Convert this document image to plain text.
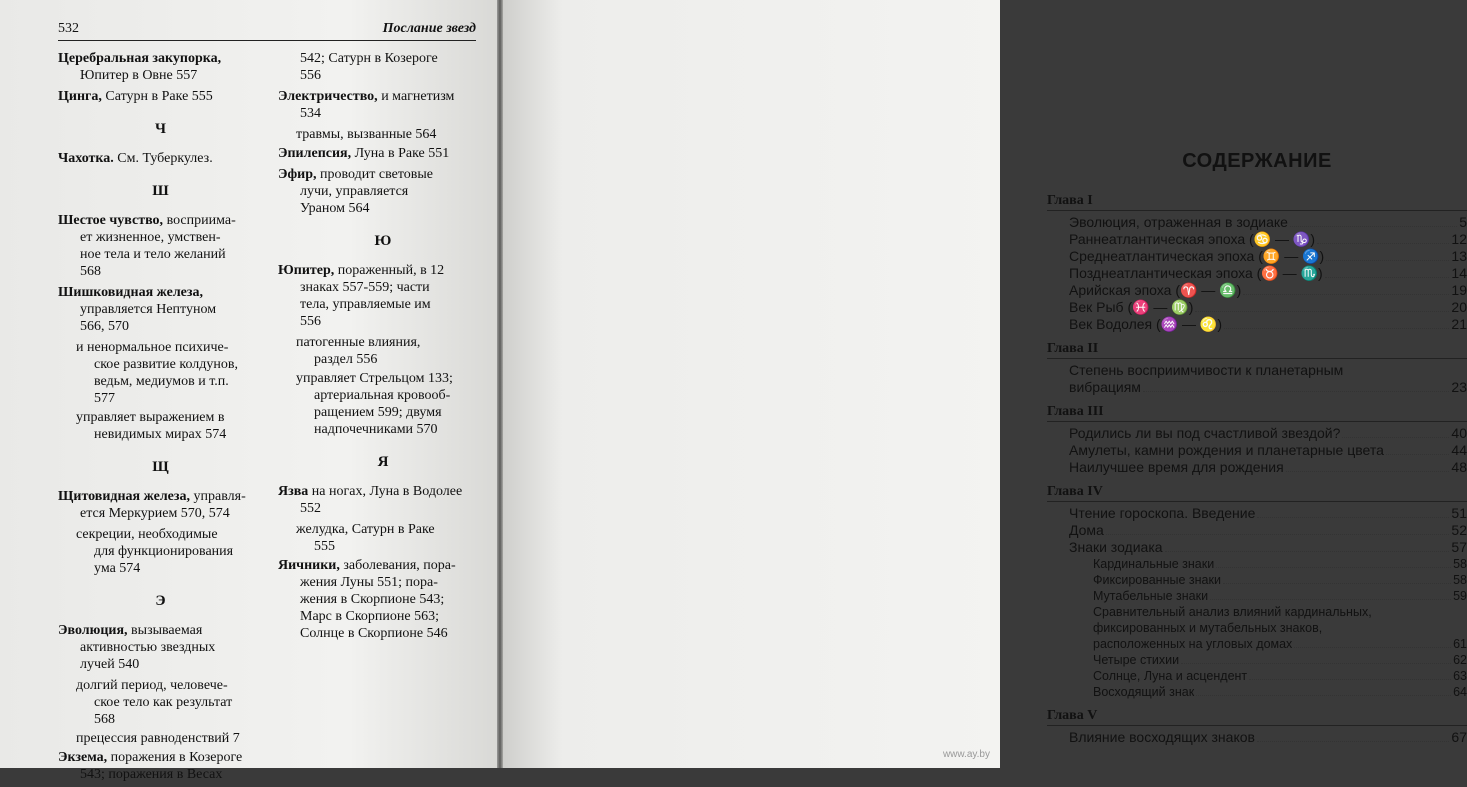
532	Послание звезд
Церебральная закупорка,
Юпитер в Овне 557
Цинга, Сатурн в Раке 555
Ч
Чахотка. См. Туберкулез.
Ш
Шестое чувство, восприима-
ет жизненное, умствен-
ное тела и тело желаний
568
Шишковидная железа,
управляется Нептуном
566, 570
и ненормальное психиче-
ское развитие колдунов,
ведьм, медиумов и т.п.
577
управляет выражением в
невидимых мирах 574
Щ
Щитовидная железа, управля-
ется Меркурием 570, 574
секреции, необходимые
для функционирования
ума 574
Э
Эволюция, вызываемая
активностью звездных
лучей 540
долгий период, человече-
ское тело как результат
568
прецессия равноденствий 7
Экзема, поражения в Козероге
543; поражения в Весах
542; Сатурн в Козероге
556
Электричество, и магнетизм
534
травмы, вызванные 564
Эпилепсия, Луна в Раке 551
Эфир, проводит световые
лучи, управляется
Ураном 564
Ю
Юпитер, пораженный, в 12
знаках 557-559; части
тела, управляемые им
556
патогенные влияния,
раздел 556
управляет Стрельцом 133;
артериальная кровооб-
ращением 599; двумя
надпочечниками 570
Я
Язва на ногах, Луна в Водолее
552
желудка, Сатурн в Раке
555
Яичники, заболевания, пора-
жения Луны 551; пора-
жения в Скорпионе 543;
Марс в Скорпионе 563;
Солнце в Скорпионе 546
СОДЕРЖАНИЕ
Глава I
Эволюция, отраженная в зодиаке	5
Раннеатлантическая эпоха (♋ — ♑)	12
Среднеатлантическая эпоха (♊ — ♐)	13
Позднеатлантическая эпоха (♉ — ♏)	14
Арийская эпоха (♈ — ♎)	19
Век Рыб (♓ — ♍)	20
Век Водолея (♒ — ♌)	21
Глава II
Степень восприимчивости к планетарным
вибрациям	23
Глава III
Родились ли вы под счастливой звездой?	40
Амулеты, камни рождения и планетарные цвета	44
Наилучшее время для рождения	48
Глава IV
Чтение гороскопа. Введение	51
Дома	52
Знаки зодиака	57
Кардинальные знаки	58
Фиксированные знаки	58
Мутабельные знаки	59
Сравнительный анализ влияний кардинальных,
фиксированных и мутабельных знаков,
расположенных на угловых домах	61
Четыре стихии	62
Солнце, Луна и асцендент	63
Восходящий знак	64
Глава V
Влияние восходящих знаков	67
www.ay.by
